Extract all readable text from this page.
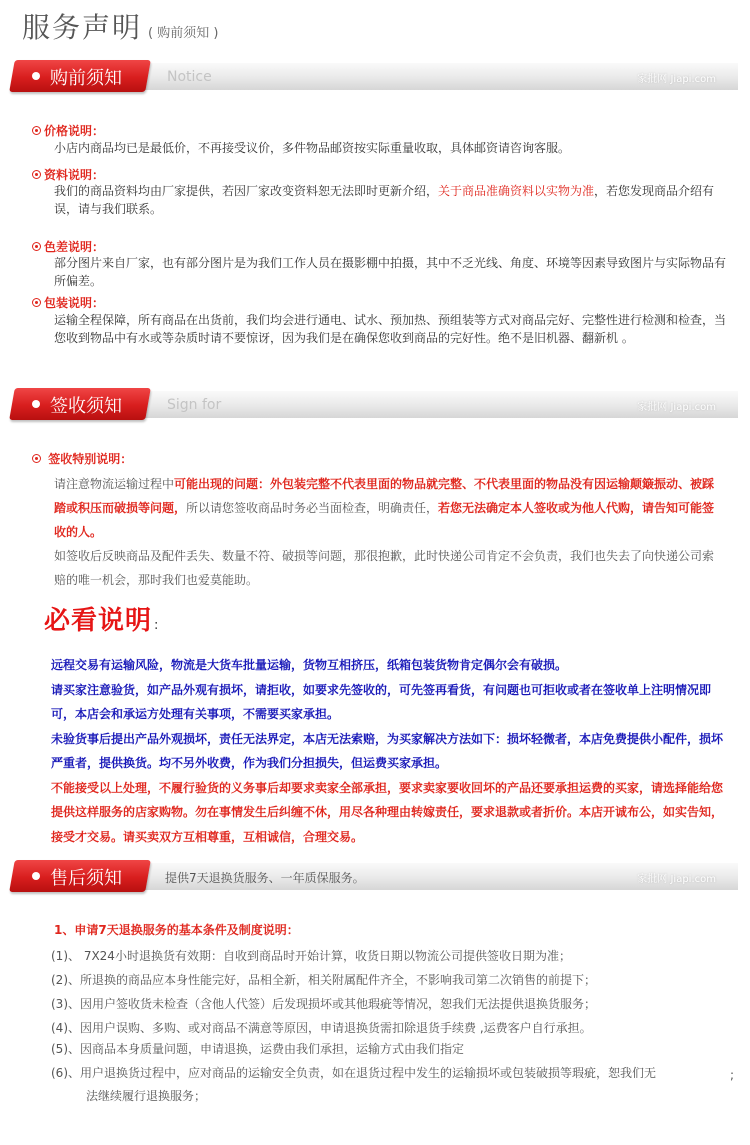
服务声明 ( 购前须知 )
购前须知	Notice	家批网 Jiapi.com
价格说明：
小店内商品均已是最低价，不再接受议价，多件物品邮资按实际重量收取，具体邮资请咨询客服。
资料说明：
我们的商品资料均由厂家提供，若因厂家改变资料恕无法即时更新介绍，关于商品准确资料以实物为准，若您发现商品介绍有误，请与我们联系。
色差说明：
部分图片来自厂家，也有部分图片是为我们工作人员在摄影棚中拍摄，其中不乏光线、角度、环境等因素导致图片与实际物品有所偏差。
包装说明：
运输全程保障，所有商品在出货前，我们均会进行通电、试水、预加热、预组装等方式对商品完好、完整性进行检测和检查，当您收到物品中有水或等杂质时请不要惊讶，因为我们是在确保您收到商品的完好性。绝不是旧机器、翻新机 。
签收须知	Sign for	家批网 Jiapi.com
签收特别说明：
请注意物流运输过程中可能出现的问题：外包装完整不代表里面的物品就完整、不代表里面的物品没有因运输颠簸振动、被踩踏或积压而破损等问题，所以请您签收商品时务必当面检查，明确责任，若您无法确定本人签收或为他人代购，请告知可能签收的人。
如签收后反映商品及配件丢失、数量不符、破损等问题，那很抱歉，此时快递公司肯定不会负责，我们也失去了向快递公司索赔的唯一机会，那时我们也爱莫能助。
必看说明 :
远程交易有运输风险，物流是大货车批量运输，货物互相挤压，纸箱包装货物肯定偶尔会有破损。
请买家注意验货，如产品外观有损坏，请拒收，如要求先签收的，可先签再看货，有问题也可拒收或者在签收单上注明情况即可，本店会和承运方处理有关事项，不需要买家承担。
未验货事后提出产品外观损坏，责任无法界定，本店无法索赔，为买家解决方法如下：损坏轻微者，本店免费提供小配件，损坏严重者，提供换货。均不另外收费，作为我们分担损失，但运费买家承担。
不能接受以上处理，不履行验货的义务事后却要求卖家全部承担，要求卖家要收回坏的产品还要承担运费的买家，请选择能给您提供这样服务的店家购物。勿在事情发生后纠缠不休，用尽各种理由转嫁责任，要求退款或者折价。本店开诚布公，如实告知，接受才交易。请买卖双方互相尊重，互相诚信，合理交易。
售后须知	提供7天退换货服务、一年质保服务。	家批网 Jiapi.com
1、申请7天退换服务的基本条件及制度说明：
(1)、 7X24小时退换货有效期：自收到商品时开始计算，收货日期以物流公司提供签收日期为准；
(2)、所退换的商品应本身性能完好，品相全新，相关附属配件齐全，不影响我司第二次销售的前提下；
(3)、因用户签收货未检查（含他人代签）后发现损坏或其他瑕疵等情况，恕我们无法提供退换货服务；
(4)、因用户误购、多购、或对商品不满意等原因，申请退换货需扣除退货手续费 ,运费客户自行承担。
(5)、因商品本身质量问题，申请退换，运费由我们承担，运输方式由我们指定
(6)、用户退换货过程中，应对商品的运输安全负责，如在退货过程中发生的运输损坏或包装破损等瑕疵，恕我们无	;
法继续履行退换服务；
